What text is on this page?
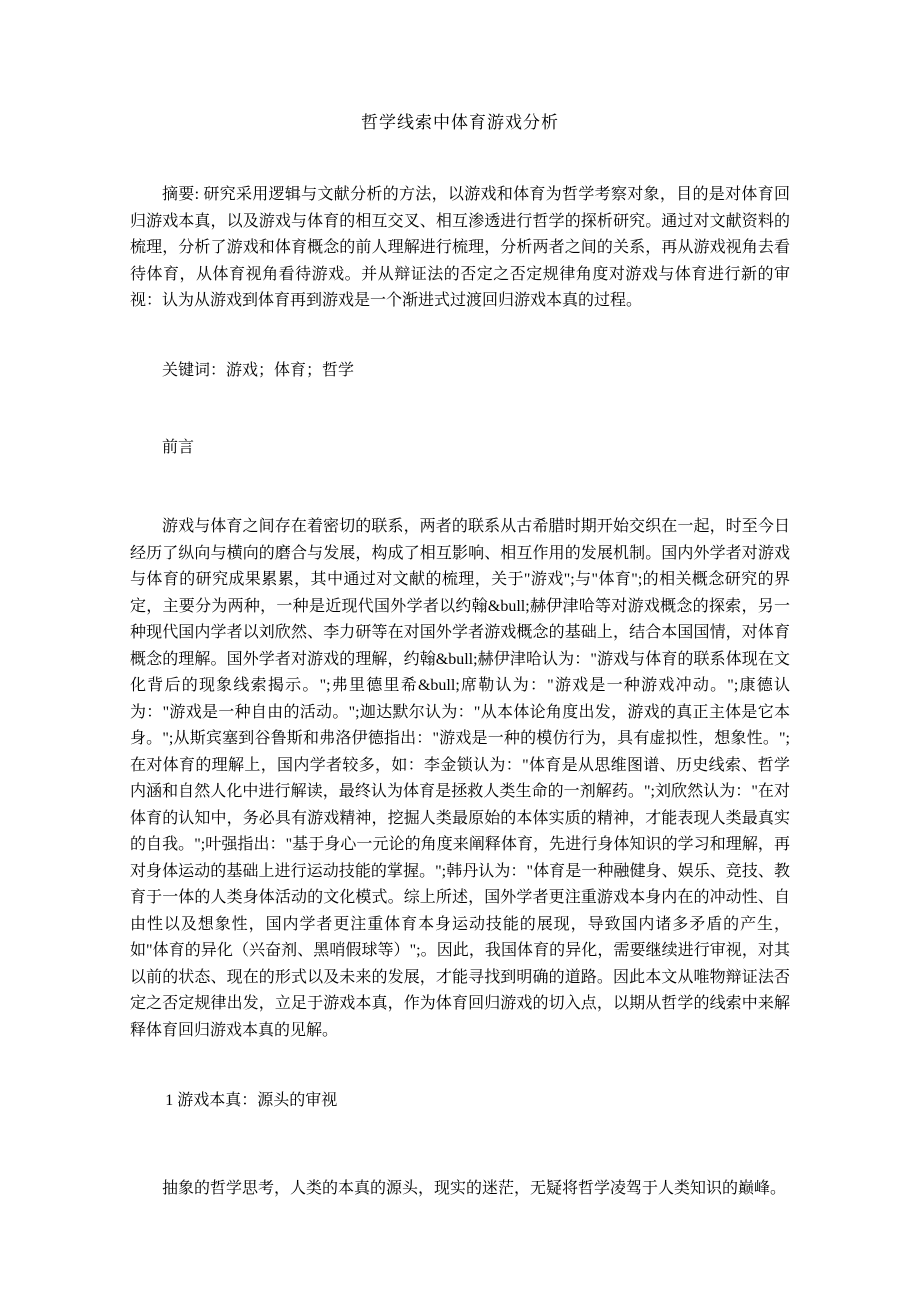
哲学线索中体育游戏分析

摘要: 研究采用逻辑与文献分析的方法，以游戏和体育为哲学考察对象，目的是对体育回归游戏本真，以及游戏与体育的相互交叉、相互渗透进行哲学的探析研究。通过对文献资料的梳理，分析了游戏和体育概念的前人理解进行梳理，分析两者之间的关系，再从游戏视角去看待体育，从体育视角看待游戏。并从辩证法的否定之否定规律角度对游戏与体育进行新的审视：认为从游戏到体育再到游戏是一个渐进式过渡回归游戏本真的过程。

关键词：游戏；体育；哲学

前言

游戏与体育之间存在着密切的联系，两者的联系从古希腊时期开始交织在一起，时至今日经历了纵向与横向的磨合与发展，构成了相互影响、相互作用的发展机制。国内外学者对游戏与体育的研究成果累累，其中通过对文献的梳理，关于"游戏";与"体育";的相关概念研究的界定，主要分为两种，一种是近现代国外学者以约翰&bull;赫伊津哈等对游戏概念的探索，另一种现代国内学者以刘欣然、李力研等在对国外学者游戏概念的基础上，结合本国国情，对体育概念的理解。国外学者对游戏的理解，约翰&bull;赫伊津哈认为："游戏与体育的联系体现在文化背后的现象线索揭示。";弗里德里希&bull;席勒认为："游戏是一种游戏冲动。";康德认为："游戏是一种自由的活动。";迦达默尔认为："从本体论角度出发，游戏的真正主体是它本身。";从斯宾塞到谷鲁斯和弗洛伊德指出："游戏是一种的模仿行为，具有虚拟性，想象性。";在对体育的理解上，国内学者较多，如：李金锁认为："体育是从思维图谱、历史线索、哲学内涵和自然人化中进行解读，最终认为体育是拯救人类生命的一剂解药。";刘欣然认为："在对体育的认知中，务必具有游戏精神，挖掘人类最原始的本体实质的精神，才能表现人类最真实的自我。";叶强指出："基于身心一元论的角度来阐释体育，先进行身体知识的学习和理解，再对身体运动的基础上进行运动技能的掌握。";韩丹认为："体育是一种融健身、娱乐、竞技、教育于一体的人类身体活动的文化模式。综上所述，国外学者更注重游戏本身内在的冲动性、自由性以及想象性，国内学者更注重体育本身运动技能的展现，导致国内诸多矛盾的产生，如"体育的异化（兴奋剂、黑哨假球等）";。因此，我国体育的异化，需要继续进行审视，对其以前的状态、现在的形式以及未来的发展，才能寻找到明确的道路。因此本文从唯物辩证法否定之否定规律出发，立足于游戏本真，作为体育回归游戏的切入点，以期从哲学的线索中来解释体育回归游戏本真的见解。

1 游戏本真：源头的审视

抽象的哲学思考，人类的本真的源头，现实的迷茫，无疑将哲学凌驾于人类知识的巅峰。
